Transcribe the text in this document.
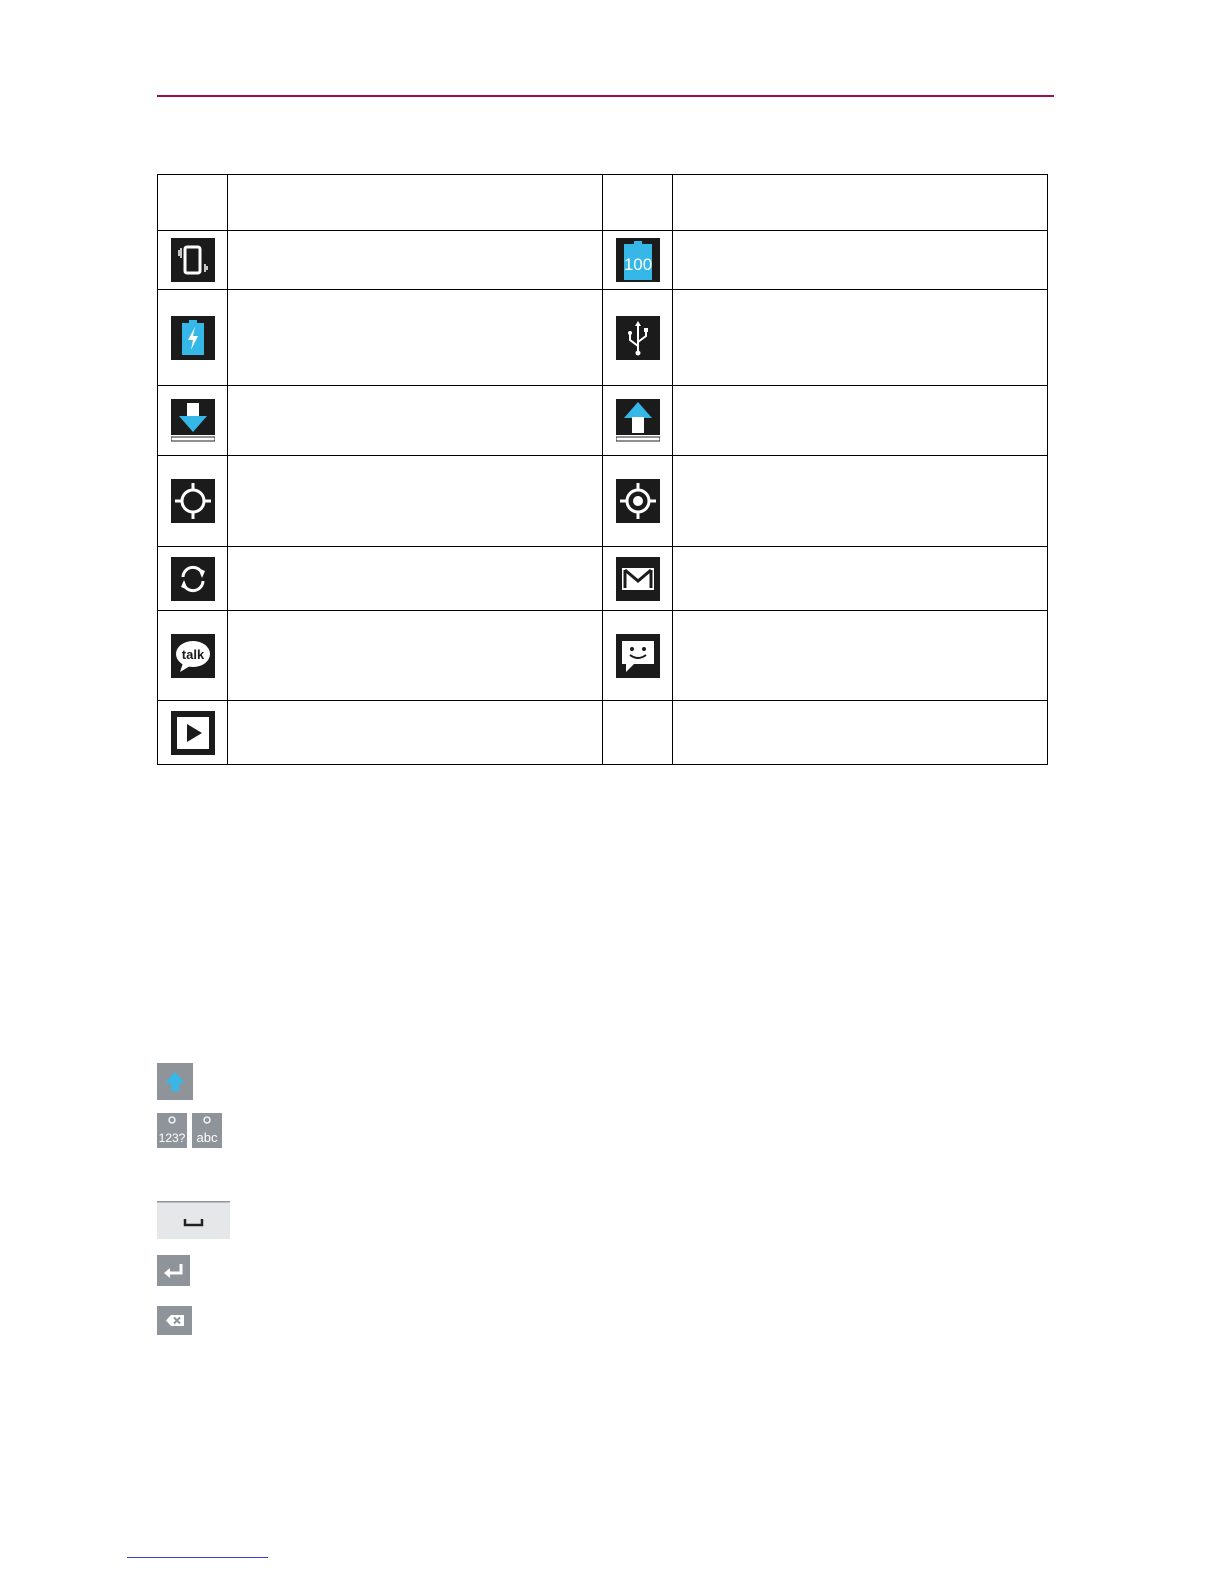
100	

talk

123? abc
